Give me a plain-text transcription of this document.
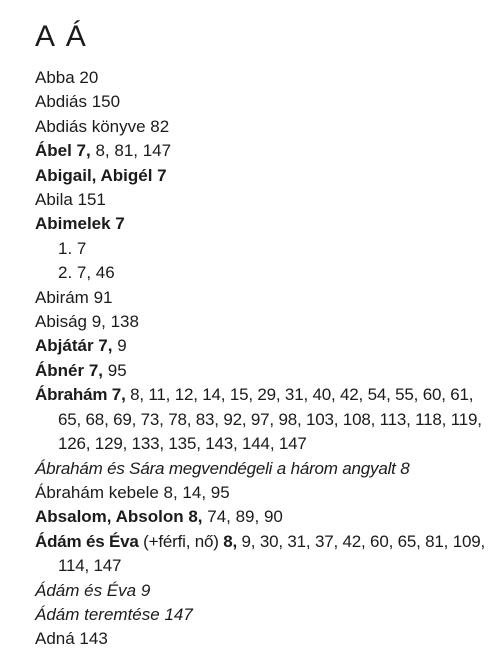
A Á
Abba 20
Abdiás 150
Abdiás könyve 82
Ábel 7, 8, 81, 147
Abigail, Abigél 7
Abila 151
Abimelek 7
1. 7
2. 7, 46
Abirám 91
Abiság 9, 138
Abjátár 7, 9
Ábnér 7, 95
Ábrahám 7, 8, 11, 12, 14, 15, 29, 31, 40, 42, 54, 55, 60, 61, 65, 68, 69, 73, 78, 83, 92, 97, 98, 103, 108, 113, 118, 119, 126, 129, 133, 135, 143, 144, 147
Ábrahám és Sára megvendégeli a három angyalt 8
Ábrahám kebele 8, 14, 95
Absalom, Absolon 8, 74, 89, 90
Ádám és Éva (+férfi, nő) 8, 9, 30, 31, 37, 42, 60, 65, 81, 109, 114, 147
Ádám és Éva 9
Ádám teremtése 147
Adná 143
